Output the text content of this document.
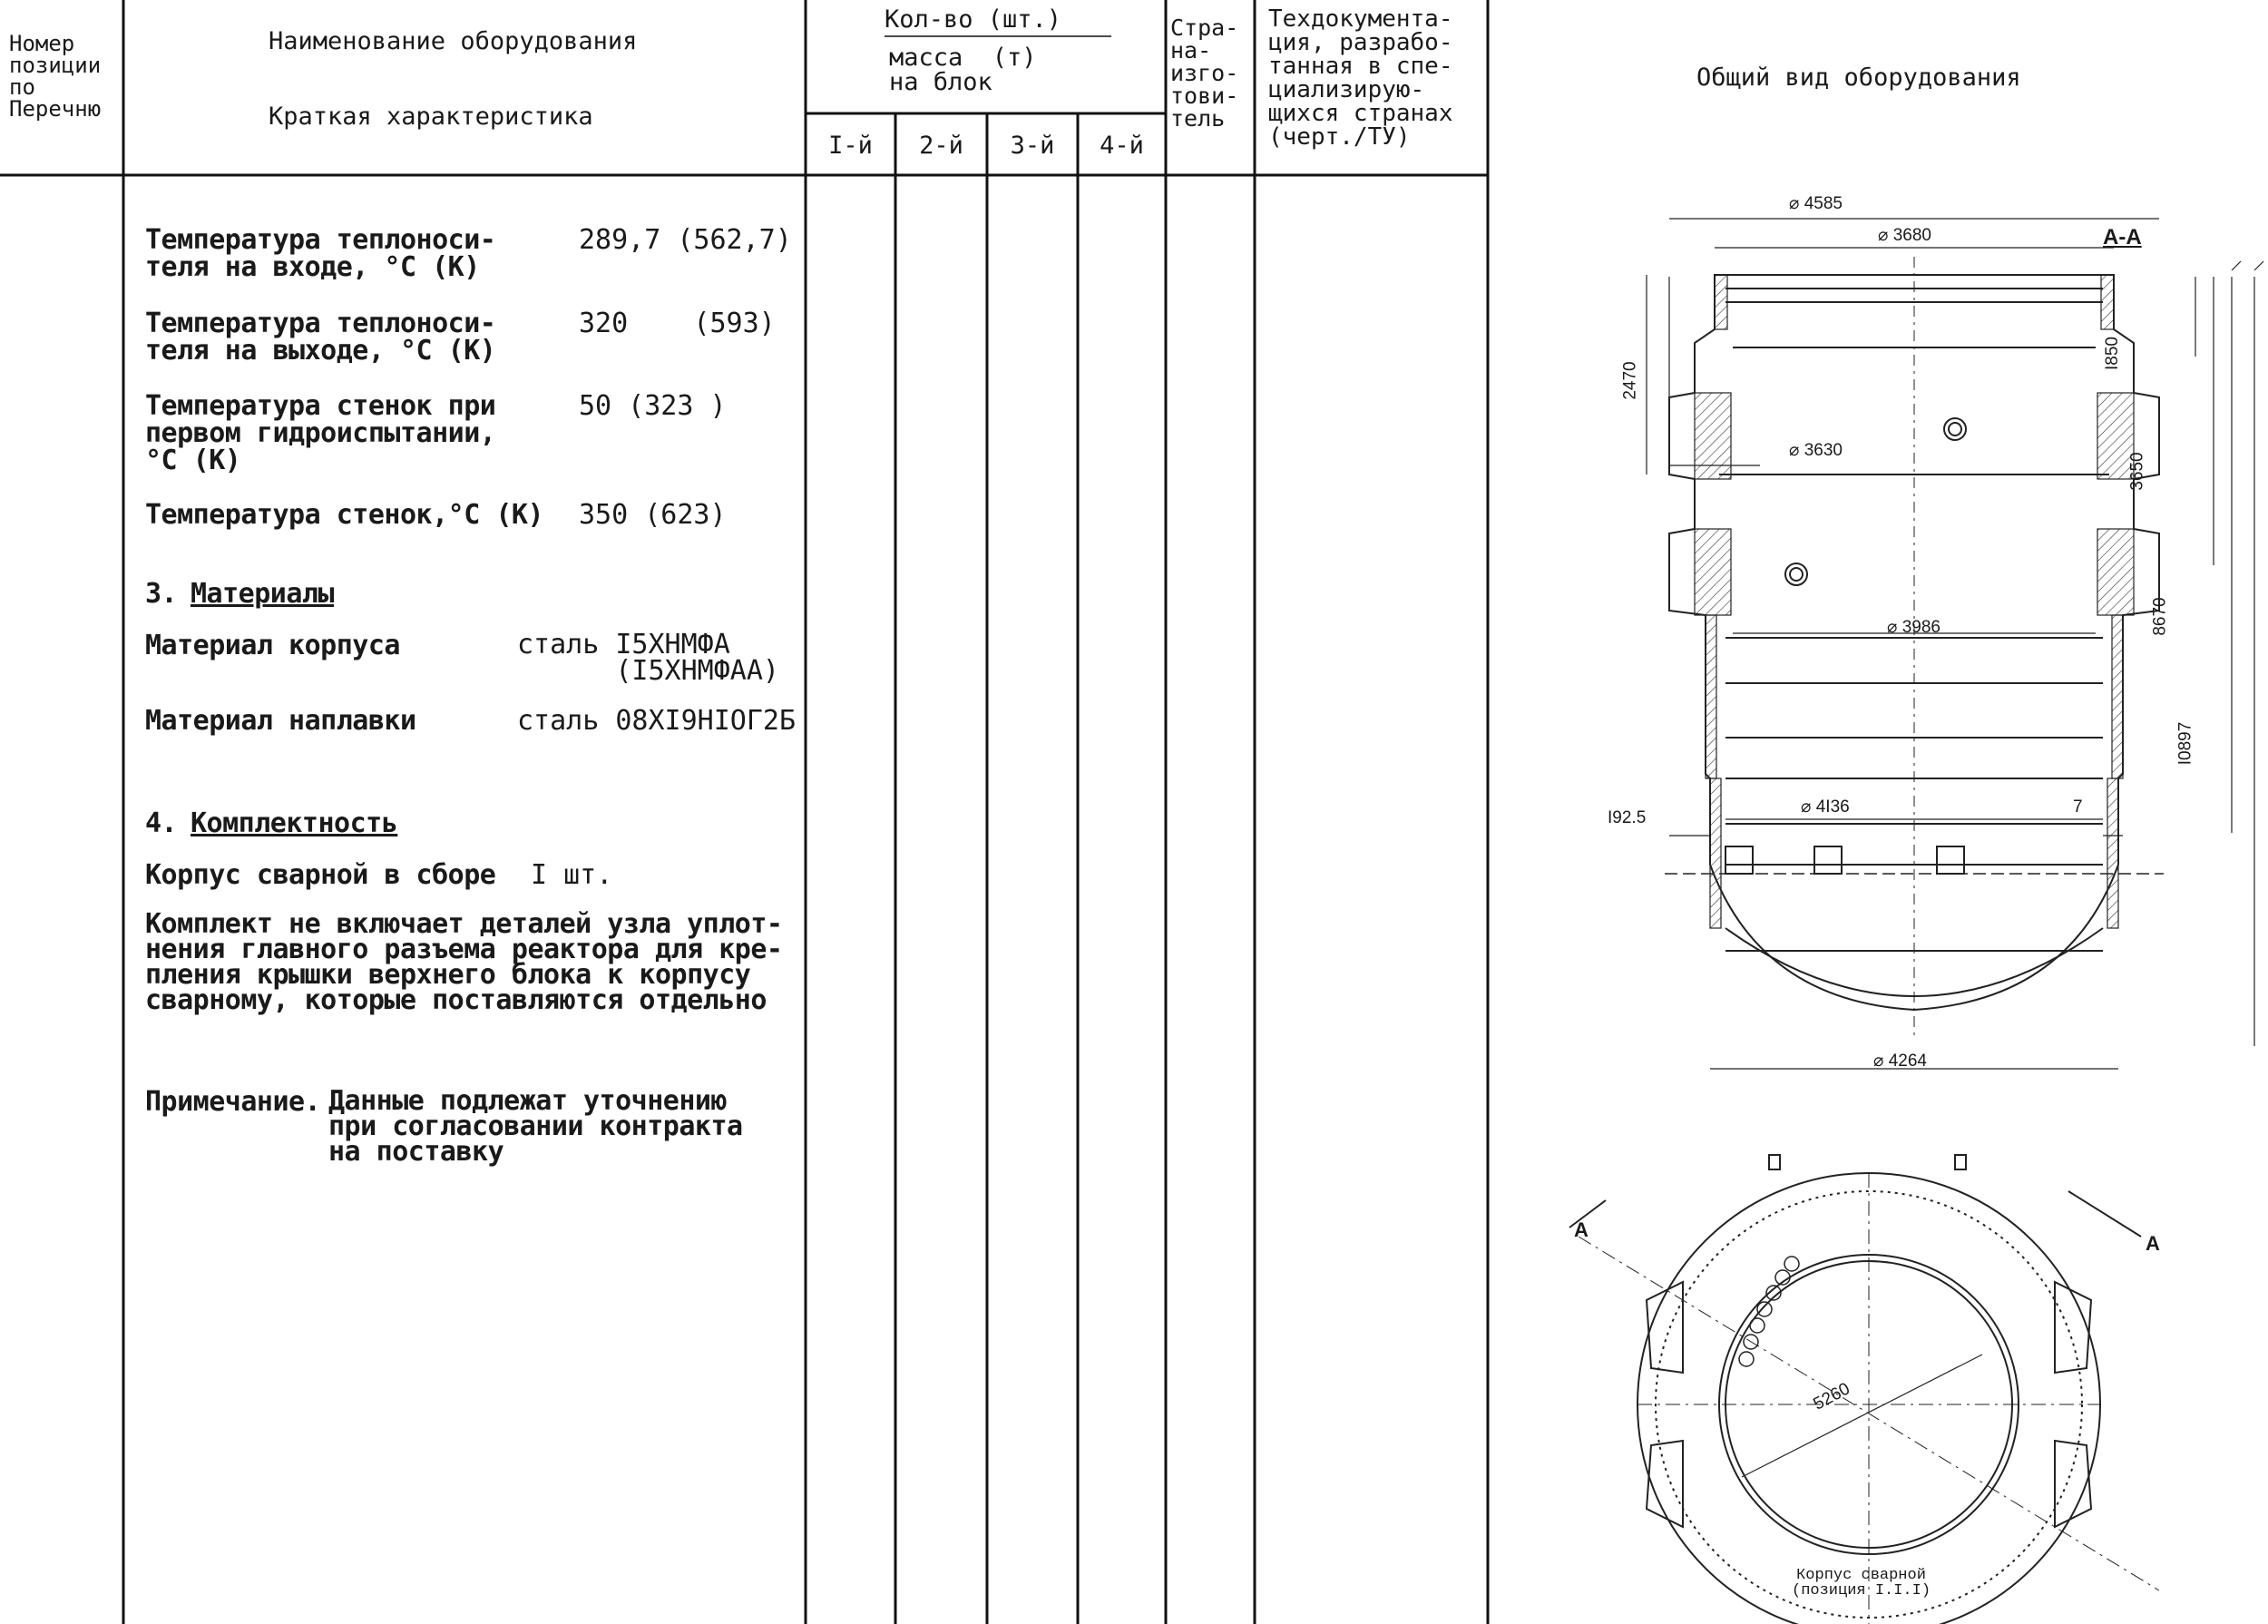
Номер
позиции
по
Перечню
Наименование оборудования
Краткая характеристика
Кол-во (шт.)
масса  (т)
на блок
I-й	2-й	3-й	4-й
Стра-
на-
изго-
тови-
тель
Техдокумента-
ция, разрабо-
танная в спе-
циализирую-
щихся странах
(черт./ТУ)
Общий вид оборудования
Температура теплоноси-
теля на входе, °C (K)
289,7 (562,7)
Температура теплоноси-
теля на выходе, °C (K)
320    (593)
Температура стенок при
первом гидроиспытании,
°C (K)
50 (323 )
Температура стенок,°C (K) 350 (623)
3. Материалы
Материал корпуса	сталь I5XHMФA
(I5XHMФAA)
Материал наплавки	сталь 08XI9HIOГ2Б
4. Комплектность
Корпус сварной в сборе I шт.
Комплект не включает деталей узла уплот-
нения главного разъема реактора для кре-
пления крышки верхнего блока к корпусу
сварному, которые поставляются отдельно
Примечание. Данные подлежат уточнению
при согласовании контракта
на поставку
A-A
⌀ 4585
⌀ 3680
⌀ 3630
⌀ 3986
⌀ 4I36
⌀ 4264
2470
I850
3650
8670
I0897
I92.5
7
5260
A
A
Корпус сварной
(позиция I.I.I)
